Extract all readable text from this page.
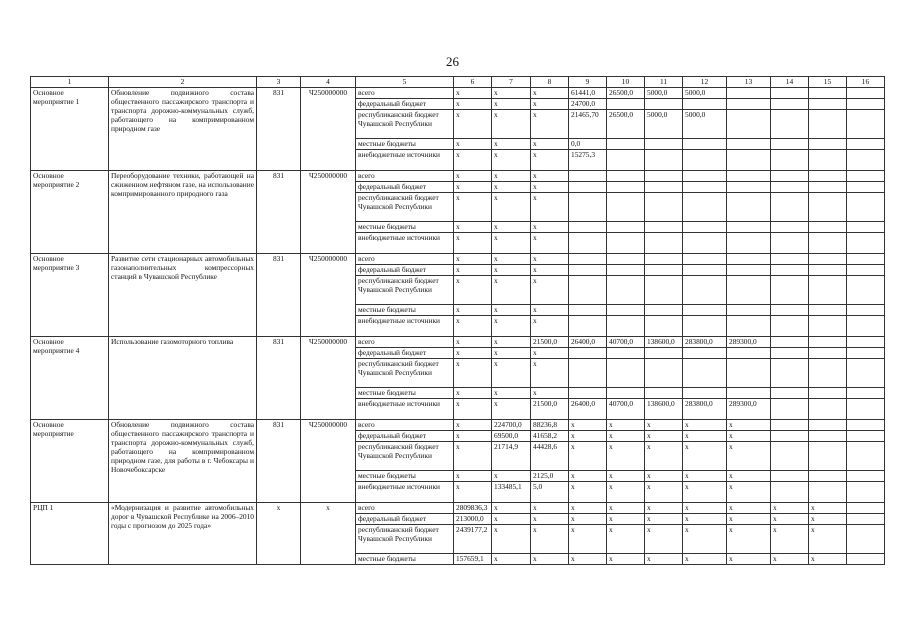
26
1	2	3	4	5	6	7	8	9	10	11	12	13	14	15	16
Основное мероприятие 1	Обновление подвижного состава общественного пассажирского транспорта и транспорта дорожно-коммунальных служб, работающего на компримированном природном газе	831	Ч250000000	всего	х	х	х	61441,0	26500,0	5000,0	5000,0				
				федеральный бюджет	х	х	х	24700,0							
				республиканский бюджет Чувашской Республики	х	х	х	21465,70	26500,0	5000,0	5000,0				
				местные бюджеты	х	х	х	0,0							
				внебюджетные источники	х	х	х	15275,3							
Основное мероприятие 2	Переоборудование техники, работающей на сжиженном нефтяном газе, на использование компримированного природного газа	831	Ч250000000	всего	х	х	х								
				федеральный бюджет	х	х	х								
				республиканский бюджет Чувашской Республики	х	х	х								
				местные бюджеты	х	х	х								
				внебюджетные источники	х	х	х								
Основное мероприятие 3	Развитие сети стационарных автомобильных газонаполнительных компрессорных станций в Чувашской Республике	831	Ч250000000	всего	х	х	х								
				федеральный бюджет	х	х	х								
				республиканский бюджет Чувашской Республики	х	х	х								
				местные бюджеты	х	х	х								
				внебюджетные источники	х	х	х								
Основное мероприятие 4	Использование газомоторного топлива	831	Ч250000000	всего	х	х	21500,0	26400,0	40700,0	138600,0	283800,0	289300,0			
				федеральный бюджет	х	х	х								
				республиканский бюджет Чувашской Республики	х	х	х								
				местные бюджеты	х	х	х								
				внебюджетные источники	х	х	21500,0	26400,0	40700,0	138600,0	283800,0	289300,0			
Основное мероприятие	Обновление подвижного состава общественного пассажирского транспорта и транспорта дорожно-коммунальных служб, работающего на компримированном природном газе, для работы в г. Чебоксары и Новочебоксарске	831	Ч250000000	всего	х	224700,0	88236,8	х	х	х	х	х			
				федеральный бюджет	х	69500,0	41658,2	х	х	х	х	х			
				республиканский бюджет Чувашской Республики	х	21714,9	44428,6	х	х	х	х	х			
				местные бюджеты	х	х	2125,0	х	х	х	х	х			
				внебюджетные источники	х	133485,1	5,0	х	х	х	х	х			
РЦП 1	«Модернизация и развитие автомобильных дорог в Чувашской Республике на 2006–2010 годы с прогнозом до 2025 года»	х	х	всего	2809836,3	х	х	х	х	х	х	х	х	х	
				федеральный бюджет	213000,0	х	х	х	х	х	х	х	х	х	
				республиканский бюджет Чувашской Республики	2439177,2	х	х	х	х	х	х	х	х	х	
				местные бюджеты	157659,1	х	х	х	х	х	х	х	х	х	
